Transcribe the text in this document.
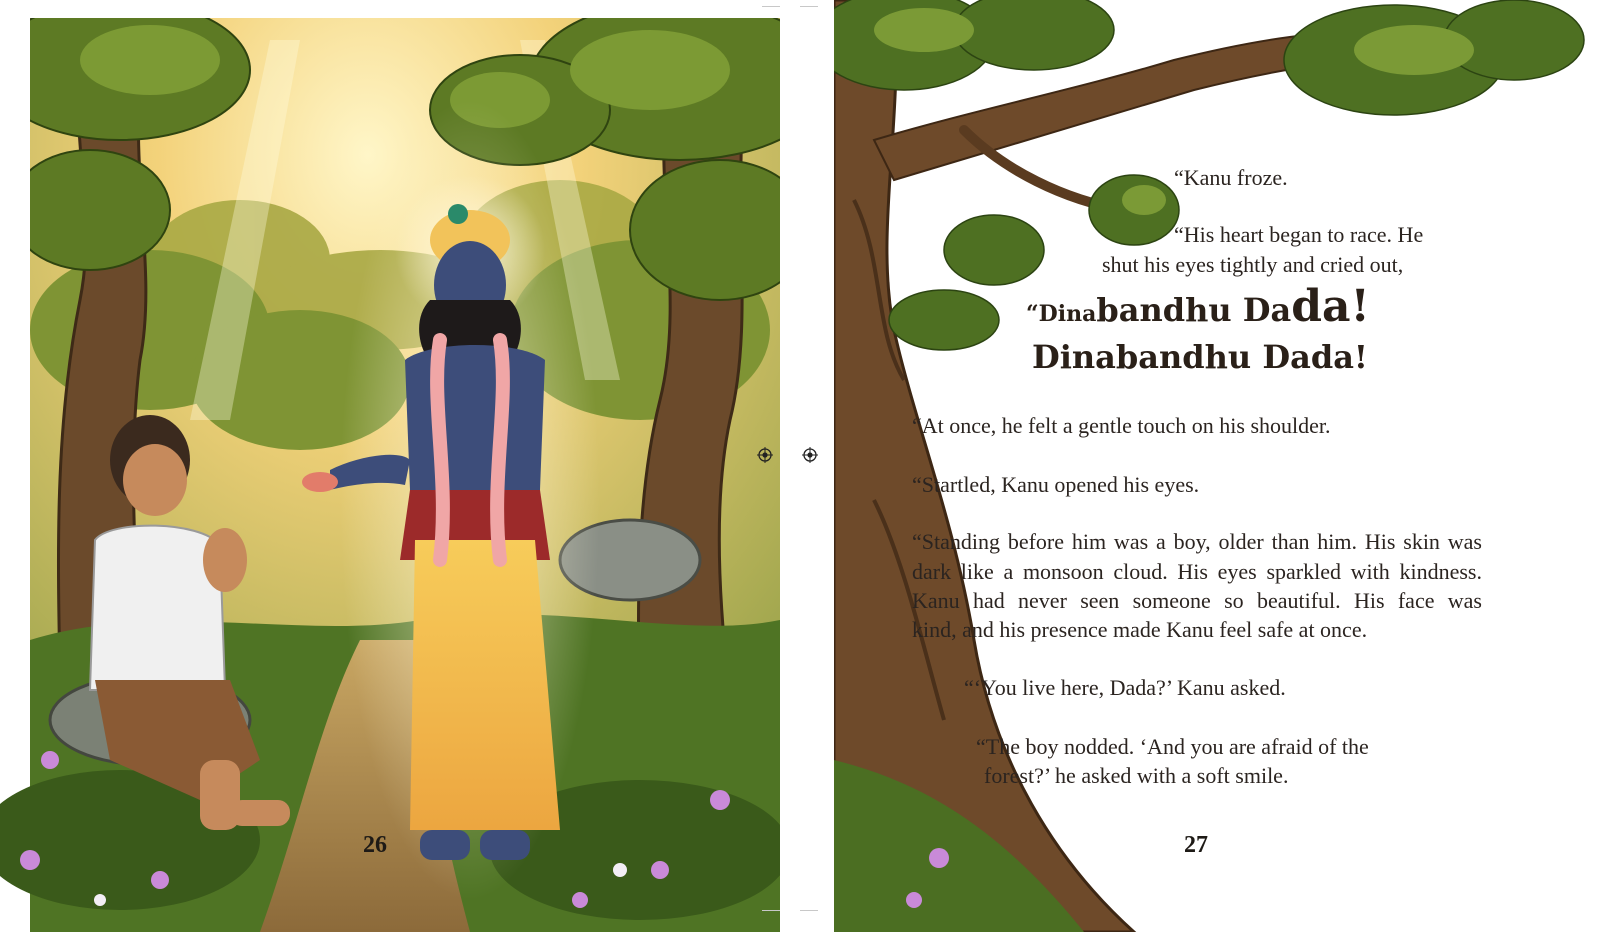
26
“Kanu froze.
“His heart began to race. He
shut his eyes tightly and cried out,
“Dinabandhu Dada!
Dinabandhu Dada!
“At once, he felt a gentle touch on his shoulder.
“Startled, Kanu opened his eyes.
“Standing before him was a boy, older than him. His skin was
dark like a monsoon cloud. His eyes sparkled with kindness.
Kanu had never seen someone so beautiful. His face was
kind, and his presence made Kanu feel safe at once.
“‘You live here, Dada?’ Kanu asked.
“The boy nodded. ‘And you are afraid of the
forest?’ he asked with a soft smile.
27
